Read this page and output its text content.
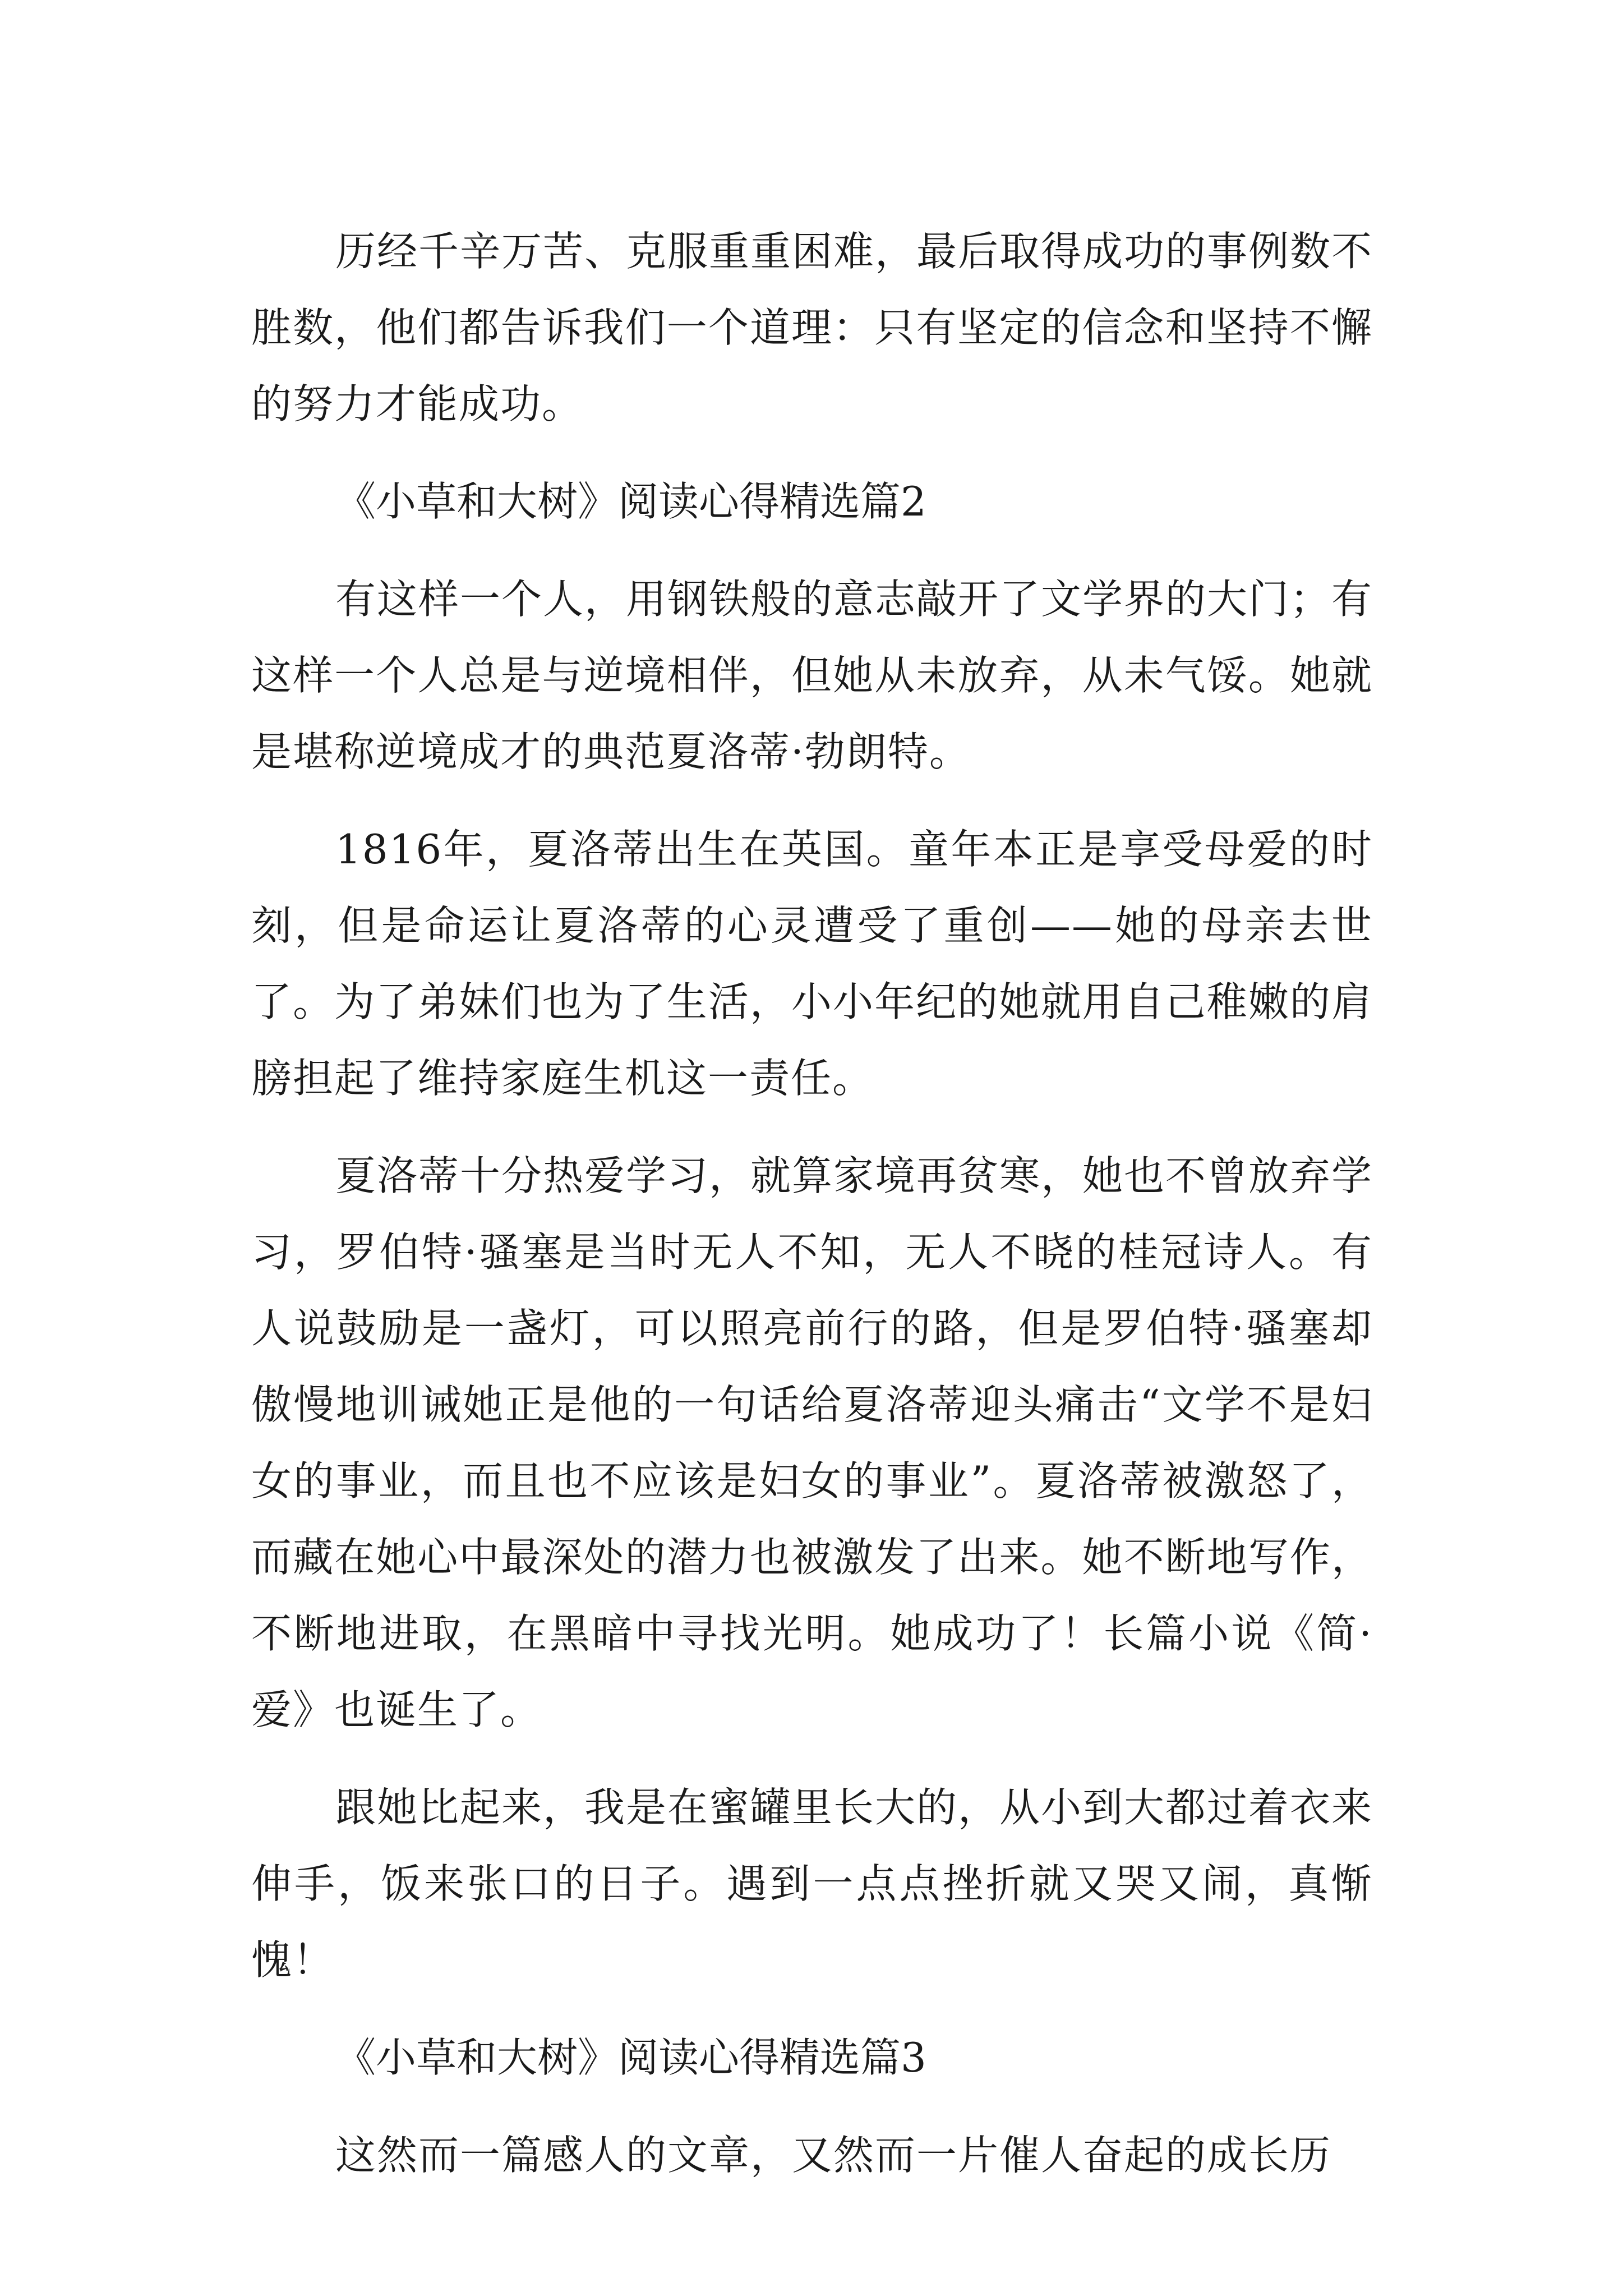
历经千辛万苦、克服重重困难，最后取得成功的事例数不胜数，他们都告诉我们一个道理：只有坚定的信念和坚持不懈的努力才能成功。

《小草和大树》阅读心得精选篇2

有这样一个人，用钢铁般的意志敲开了文学界的大门；有这样一个人总是与逆境相伴，但她从未放弃，从未气馁。她就是堪称逆境成才的典范夏洛蒂·勃朗特。

1816年，夏洛蒂出生在英国。童年本正是享受母爱的时刻，但是命运让夏洛蒂的心灵遭受了重创——她的母亲去世了。为了弟妹们也为了生活，小小年纪的她就用自己稚嫩的肩膀担起了维持家庭生机这一责任。

夏洛蒂十分热爱学习，就算家境再贫寒，她也不曾放弃学习，罗伯特·骚塞是当时无人不知，无人不晓的桂冠诗人。有人说鼓励是一盏灯，可以照亮前行的路，但是罗伯特·骚塞却傲慢地训诫她正是他的一句话给夏洛蒂迎头痛击“文学不是妇女的事业，而且也不应该是妇女的事业”。夏洛蒂被激怒了，而藏在她心中最深处的潜力也被激发了出来。她不断地写作，不断地进取，在黑暗中寻找光明。她成功了！长篇小说《简·爱》也诞生了。

跟她比起来，我是在蜜罐里长大的，从小到大都过着衣来伸手，饭来张口的日子。遇到一点点挫折就又哭又闹，真惭愧！

《小草和大树》阅读心得精选篇3

这然而一篇感人的文章，又然而一片催人奋起的成长历
